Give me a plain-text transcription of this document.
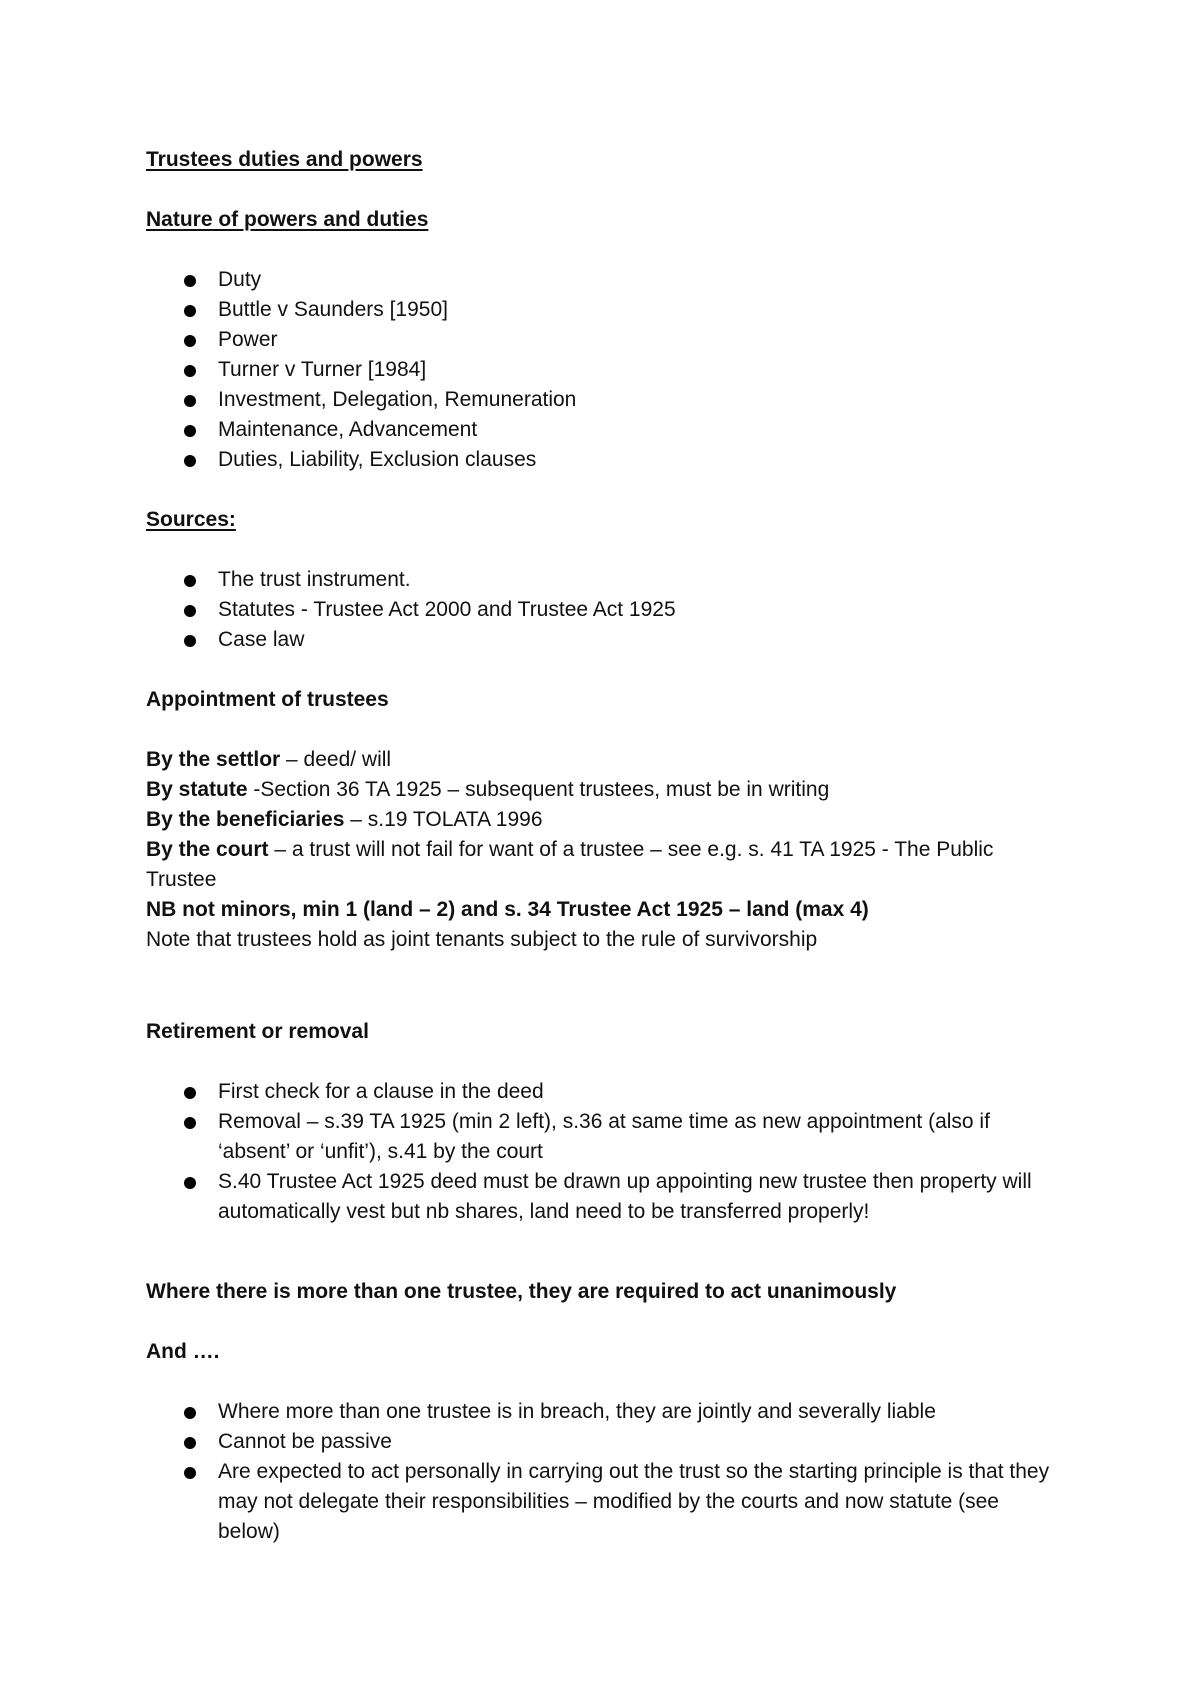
Trustees duties and powers

Nature of powers and duties

Duty
Buttle v Saunders [1950]
Power
Turner v Turner [1984]
Investment, Delegation, Remuneration
Maintenance, Advancement
Duties, Liability, Exclusion clauses

Sources:

The trust instrument.
Statutes - Trustee Act 2000 and Trustee Act 1925
Case law

Appointment of trustees

By the settlor – deed/ will

By statute -Section 36 TA 1925 – subsequent trustees, must be in writing

By the beneficiaries – s.19 TOLATA 1996

By the court – a trust will not fail for want of a trustee – see e.g. s. 41 TA 1925 - The Public Trustee

NB not minors, min 1 (land – 2) and s. 34 Trustee Act 1925 – land (max 4)

Note that trustees hold as joint tenants subject to the rule of survivorship

Retirement or removal

First check for a clause in the deed
Removal – s.39 TA 1925 (min 2 left), s.36 at same time as new appointment (also if ‘absent’ or ‘unfit’), s.41 by the court
S.40 Trustee Act 1925 deed must be drawn up appointing new trustee then property will automatically vest but nb shares, land need to be transferred properly!

Where there is more than one trustee, they are required to act unanimously

And ….

Where more than one trustee is in breach, they are jointly and severally liable
Cannot be passive
Are expected to act personally in carrying out the trust so the starting principle is that they may not delegate their responsibilities – modified by the courts and now statute (see below)
